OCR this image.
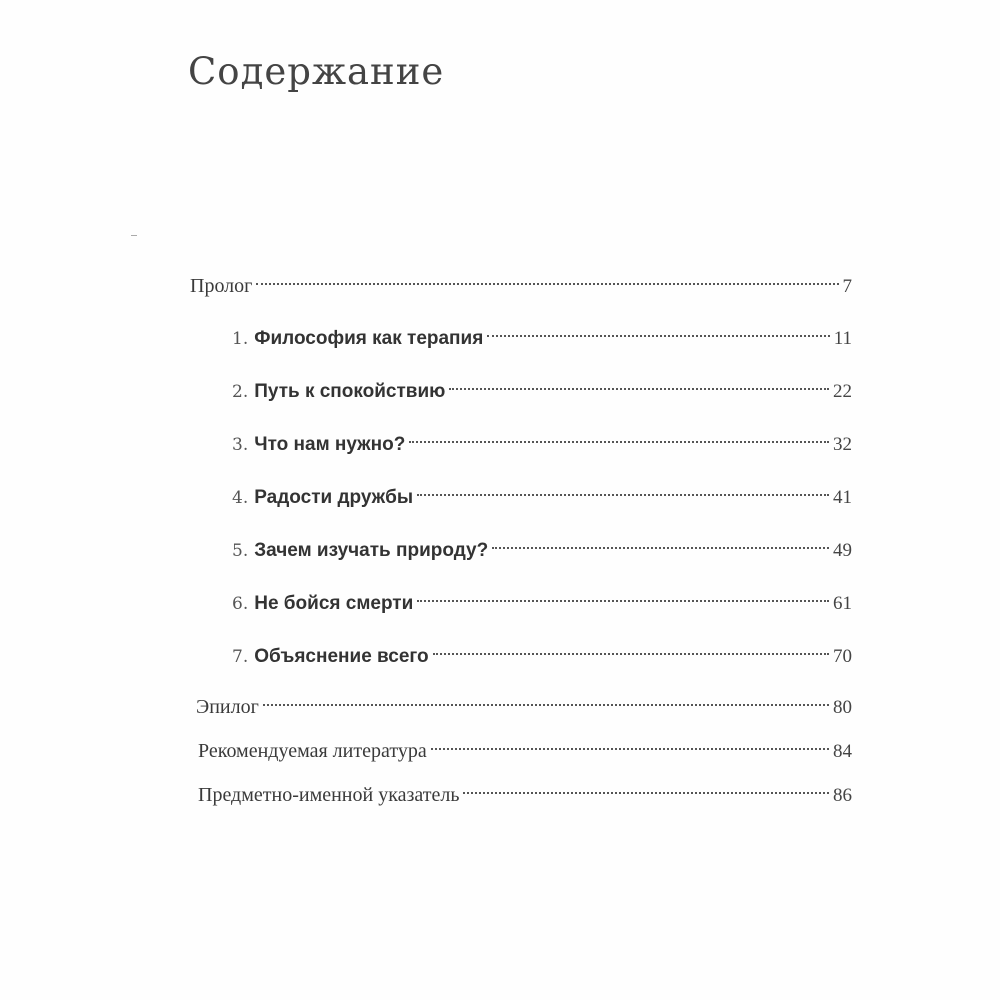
Содержание
Пролог	7
1. Философия как терапия	11
2. Путь к спокойствию	22
3. Что нам нужно?	32
4. Радости дружбы	41
5. Зачем изучать природу?	49
6. Не бойся смерти	61
7. Объяснение всего	70
Эпилог	80
Рекомендуемая литература	84
Предметно-именной указатель	86
